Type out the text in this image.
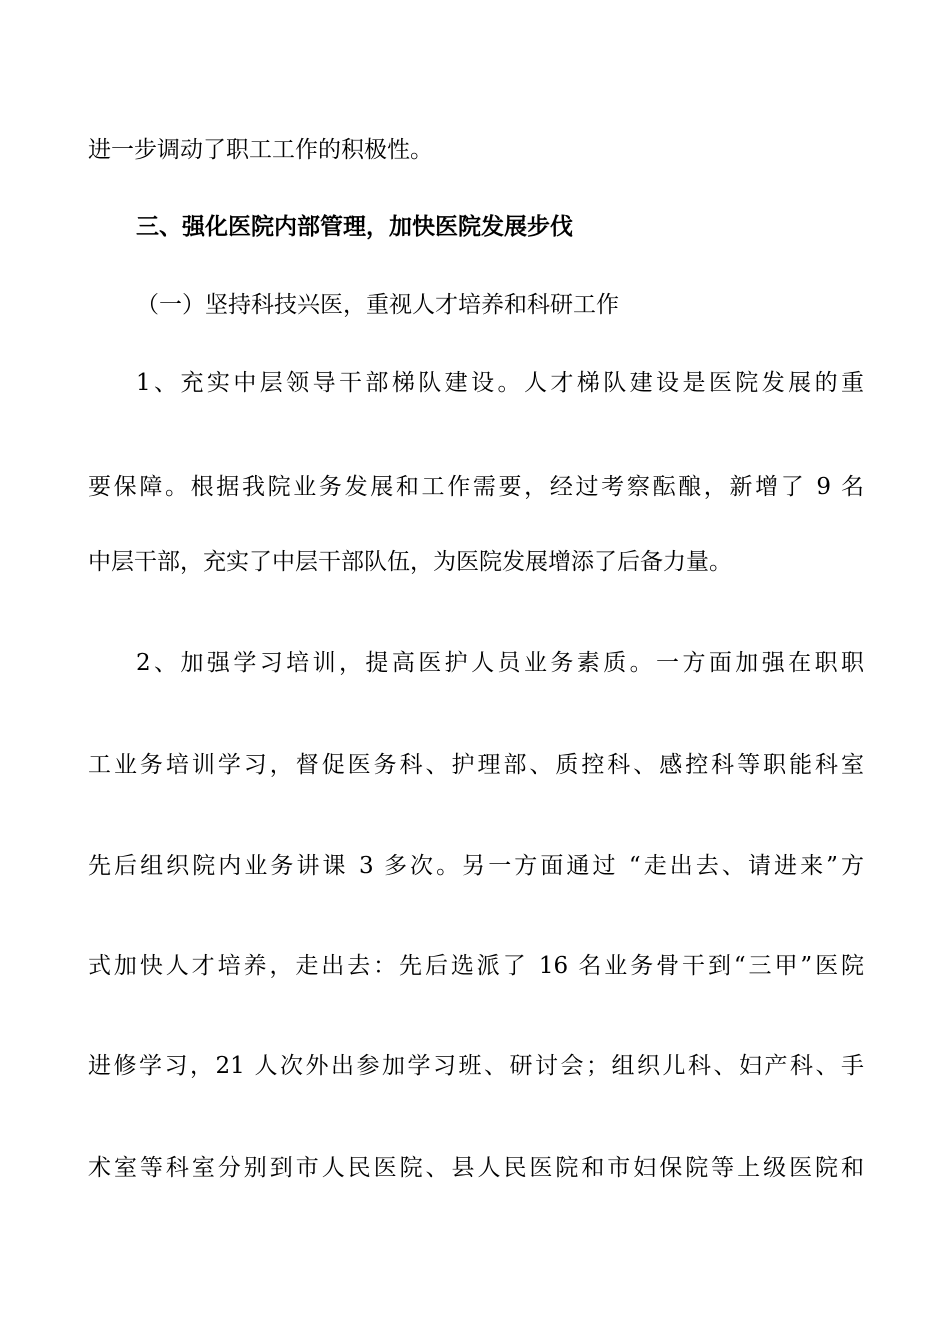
进一步调动了职工工作的积极性。
三、强化医院内部管理，加快医院发展步伐
（一）坚持科技兴医，重视人才培养和科研工作
1、充实中层领导干部梯队建设。人才梯队建设是医院发展的重
要保障。根据我院业务发展和工作需要，经过考察酝酿，新增了 9 名
中层干部，充实了中层干部队伍，为医院发展增添了后备力量。
2、加强学习培训，提高医护人员业务素质。一方面加强在职职
工业务培训学习，督促医务科、护理部、质控科、感控科等职能科室
先后组织院内业务讲课 3 多次。另一方面通过 “走出去、请进来”方
式加快人才培养，走出去：先后选派了 16 名业务骨干到“三甲”医院
进修学习，21 人次外出参加学习班、研讨会；组织儿科、妇产科、手
术室等科室分别到市人民医院、县人民医院和市妇保院等上级医院和
